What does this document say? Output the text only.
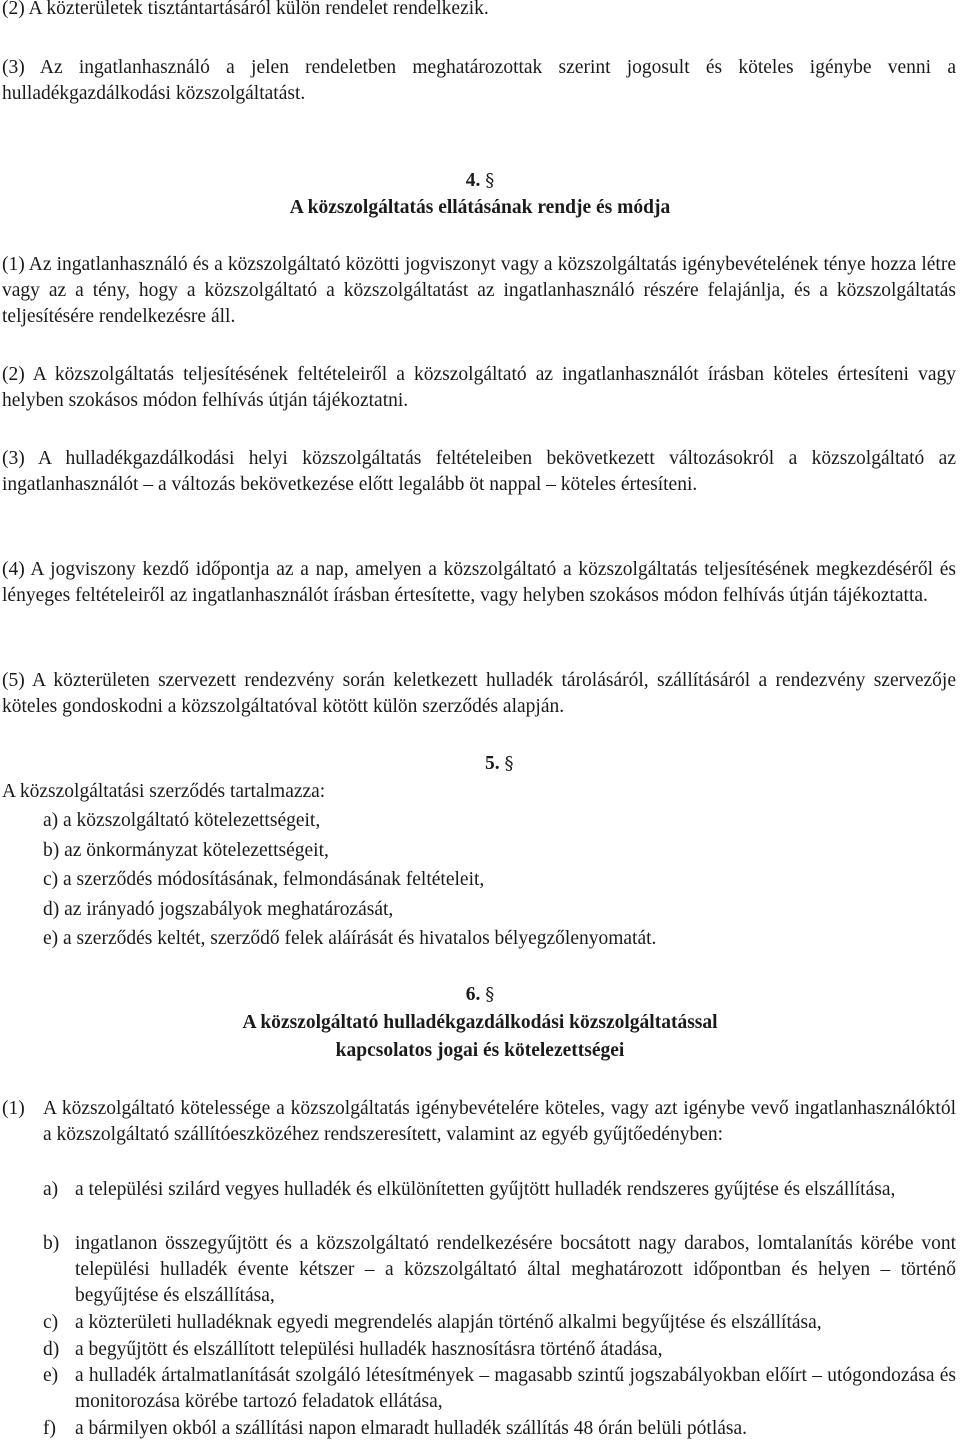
(2) A közterületek tisztántartásáról külön rendelet rendelkezik.

(3) Az ingatlanhasználó a jelen rendeletben meghatározottak szerint jogosult és köteles igénybe venni a hulladékgazdálkodási közszolgáltatást.

4. §
A közszolgáltatás ellátásának rendje és módja

(1) Az ingatlanhasználó és a közszolgáltató közötti jogviszonyt vagy a közszolgáltatás igénybevételének ténye hozza létre vagy az a tény, hogy a közszolgáltató a közszolgáltatást az ingatlanhasználó részére felajánlja, és a közszolgáltatás teljesítésére rendelkezésre áll.

(2) A közszolgáltatás teljesítésének feltételeiről a közszolgáltató az ingatlanhasználót írásban köteles értesíteni vagy helyben szokásos módon felhívás útján tájékoztatni.

(3) A hulladékgazdálkodási helyi közszolgáltatás feltételeiben bekövetkezett változásokról a közszolgáltató az ingatlanhasználót – a változás bekövetkezése előtt legalább öt nappal – köteles értesíteni.

(4) A jogviszony kezdő időpontja az a nap, amelyen a közszolgáltató a közszolgáltatás teljesítésének megkezdéséről és lényeges feltételeiről az ingatlanhasználót írásban értesítette, vagy helyben szokásos módon felhívás útján tájékoztatta.

(5) A közterületen szervezett rendezvény során keletkezett hulladék tárolásáról, szállításáról a rendezvény szervezője köteles gondoskodni a közszolgáltatóval kötött külön szerződés alapján.

5. §

A közszolgáltatási szerződés tartalmazza:

a) a közszolgáltató kötelezettségeit,

b) az önkormányzat kötelezettségeit,

c) a szerződés módosításának, felmondásának feltételeit,

d) az irányadó jogszabályok meghatározását,

e) a szerződés keltét, szerződő felek aláírását és hivatalos bélyegzőlenyomatát.

6. §
A közszolgáltató hulladékgazdálkodási közszolgáltatással
kapcsolatos jogai és kötelezettségei
(1) A közszolgáltató kötelessége a közszolgáltatás igénybevételére köteles, vagy azt igénybe vevő ingatlanhasználóktól a közszolgáltató szállítóeszközéhez rendszeresített, valamint az egyéb gyűjtőedényben:
a) a települési szilárd vegyes hulladék és elkülönítetten gyűjtött hulladék rendszeres gyűjtése és elszállítása,
b) ingatlanon összegyűjtött és a közszolgáltató rendelkezésére bocsátott nagy darabos, lomtalanítás körébe vont települési hulladék évente kétszer – a közszolgáltató által meghatározott időpontban és helyen – történő begyűjtése és elszállítása,
c) a közterületi hulladéknak egyedi megrendelés alapján történő alkalmi begyűjtése és elszállítása,
d) a begyűjtött és elszállított települési hulladék hasznosításra történő átadása,
e) a hulladék ártalmatlanítását szolgáló létesítmények – magasabb szintű jogszabályokban előírt – utógondozása és monitorozása körébe tartozó feladatok ellátása,
f) a bármilyen okból a szállítási napon elmaradt hulladék szállítás 48 órán belüli pótlása.
